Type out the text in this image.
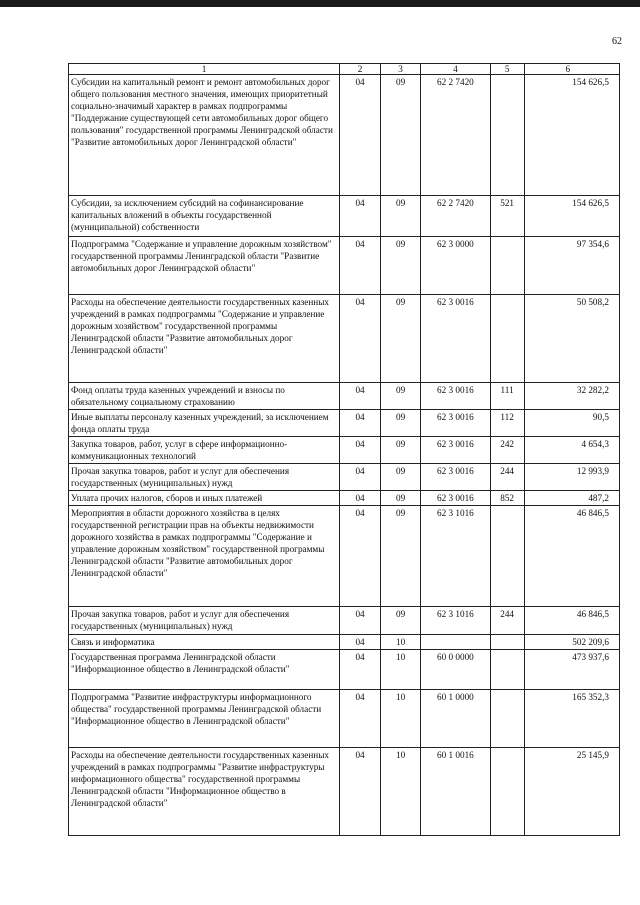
62
1	2	3	4	5	6
Субсидии на капитальный ремонт и ремонт автомобильных дорог общего пользования местного значения, имеющих приоритетный социально-значимый характер в рамках подпрограммы "Поддержание существующей сети автомобильных дорог общего пользования" государственной программы Ленинградской области "Развитие автомобильных дорог Ленинградской области"	04	09	62 2 7420		154 626,5
Субсидии, за исключением субсидий на софинансирование капитальных вложений в объекты государственной (муниципальной) собственности	04	09	62 2 7420	521	154 626,5
Подпрограмма "Содержание и управление дорожным хозяйством" государственной программы Ленинградской области "Развитие автомобильных дорог Ленинградской области"	04	09	62 3 0000		97 354,6
Расходы на обеспечение деятельности государственных казенных учреждений в рамках подпрограммы "Содержание и управление дорожным хозяйством" государственной программы Ленинградской области "Развитие автомобильных дорог Ленинградской области"	04	09	62 3 0016		50 508,2
Фонд оплаты труда казенных учреждений и взносы по обязательному социальному страхованию	04	09	62 3 0016	111	32 282,2
Иные выплаты персоналу казенных учреждений, за исключением фонда оплаты труда	04	09	62 3 0016	112	90,5
Закупка товаров, работ, услуг в сфере информационно-коммуникационных технологий	04	09	62 3 0016	242	4 654,3
Прочая закупка товаров, работ и услуг для обеспечения государственных (муниципальных) нужд	04	09	62 3 0016	244	12 993,9
Уплата прочих налогов, сборов и иных платежей	04	09	62 3 0016	852	487,2
Мероприятия в области дорожного хозяйства в целях государственной регистрации прав на объекты недвижимости дорожного хозяйства в рамках подпрограммы "Содержание и управление дорожным хозяйством" государственной программы Ленинградской области "Развитие автомобильных дорог Ленинградской области"	04	09	62 3 1016		46 846,5
Прочая закупка товаров, работ и услуг для обеспечения государственных (муниципальных) нужд	04	09	62 3 1016	244	46 846,5
Связь и информатика	04	10			502 209,6
Государственная программа Ленинградской области "Информационное общество в Ленинградской области"	04	10	60 0 0000		473 937,6
Подпрограмма "Развитие инфраструктуры информационного общества" государственной программы Ленинградской области "Информационное общество в Ленинградской области"	04	10	60 1 0000		165 352,3
Расходы на обеспечение деятельности государственных казенных учреждений в рамках подпрограммы "Развитие инфраструктуры информационного общества" государственной программы Ленинградской области "Информационное общество в Ленинградской области"	04	10	60 1 0016		25 145,9
